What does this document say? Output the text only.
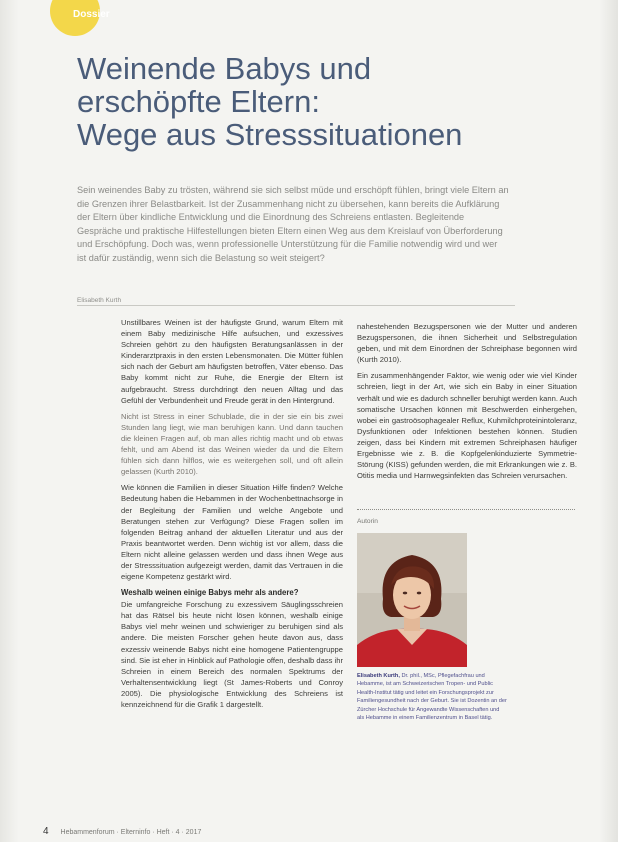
Dossier
Weinende Babys und
erschöpfte Eltern:
Wege aus Stresssituationen

Sein weinendes Baby zu trösten, während sie sich selbst müde und erschöpft fühlen, bringt viele Eltern an die Grenzen ihrer Belastbarkeit. Ist der Zusammenhang nicht zu übersehen, kann bereits die Aufklärung der Eltern über kindliche Entwicklung und die Einordnung des Schreiens entlasten. Begleitende Gespräche und praktische Hilfestellungen bieten Eltern einen Weg aus dem Kreislauf von Überforderung und Erschöpfung. Doch was, wenn professionelle Unterstützung für die Familie notwendig wird und wer ist dafür zuständig, wenn sich die Belastung so weit steigert?

Elisabeth Kurth

Unstillbares Weinen ist der häufigste Grund, warum Eltern mit einem Baby medizinische Hilfe aufsuchen, und exzessives Schreien gehört zu den häufigsten Beratungsanlässen in der Kinderarztpraxis in den ersten Lebensmonaten. Die Mütter fühlen sich nach der Geburt am häufigsten betroffen, Väter ebenso. Das Baby kommt nicht zur Ruhe, die Energie der Eltern ist aufgebraucht. Stress durchdringt den neuen Alltag und das Gefühl der Verbundenheit und Freude gerät in den Hintergrund.

Nicht ist Stress in einer Schublade, die in der sie ein bis zwei Stunden lang liegt, wie man beruhigen kann. Und dann tauchen die kleinen Fragen auf, ob man alles richtig macht und ob etwas fehlt, und am Abend ist das Weinen wieder da und die Eltern fühlen sich dann hilflos, wie es weitergehen soll, und oft allein gelassen (Kurth 2010).

Wie können die Familien in dieser Situation Hilfe finden? Welche Bedeutung haben die Hebammen in der Wochenbettnachsorge in der Begleitung der Familien und welche Angebote und Beratungen stehen zur Verfügung? Diese Fragen sollen im folgenden Beitrag anhand der aktuellen Literatur und aus der Praxis beantwortet werden. Denn wichtig ist vor allem, dass die Eltern nicht alleine gelassen werden und dass ihnen Wege aus der Stresssituation aufgezeigt werden, damit das Vertrauen in die eigene Kompetenz gestärkt wird.

Weshalb weinen einige Babys mehr als andere?

Die umfangreiche Forschung zu exzessivem Säuglingsschreien hat das Rätsel bis heute nicht lösen können, weshalb einige Babys viel mehr weinen und schwieriger zu beruhigen sind als andere. Die meisten Forscher gehen heute davon aus, dass exzessiv weinende Babys nicht eine homogene Patientengruppe sind. Sie ist eher in Hinblick auf Pathologie offen, deshalb dass ihr Schreien in einem Bereich des normalen Spektrums der Verhaltensentwicklung liegt (St James-Roberts und Conroy 2005). Die physiologische Entwicklung des Schreiens ist kennzeichnend für die Grafik 1 dargestellt.

nahestehenden Bezugspersonen wie der Mutter und anderen Bezugspersonen, die ihnen Sicherheit und Selbstregulation geben, und mit dem Einordnen der Schreiphase begonnen wird (Kurth 2010).

Ein zusammenhängender Faktor, wie wenig oder wie viel Kinder schreien, liegt in der Art, wie sich ein Baby in einer Situation verhält und wie es dadurch schneller beruhigt werden kann. Auch somatische Ursachen können mit Beschwerden einhergehen, wobei ein gastroösophagealer Reflux, Kuhmilchproteinintoleranz, Dysfunktionen oder Infektionen bestehen können. Studien zeigen, dass bei Kindern mit extremen Schreiphasen häufiger Ergebnisse wie z. B. die Kopfgelenkinduzierte Symmetrie-Störung (KISS) gefunden werden, die mit Erkrankungen wie z. B. Otitis media und Harnwegsinfekten das Schreien verursachen.

Autorin
Elisabeth Kurth, Dr. phil., MSc, Pflegefachfrau und Hebamme, ist am Schweizerischen Tropen- und Public Health-Institut tätig und leitet ein Forschungsprojekt zur Familiengesundheit nach der Geburt. Sie ist Dozentin an der Zürcher Hochschule für Angewandte Wissenschaften und als Hebamme in einem Familienzentrum in Basel tätig.
4 Hebammenforum · Elterninfo · Heft · 4 · 2017
